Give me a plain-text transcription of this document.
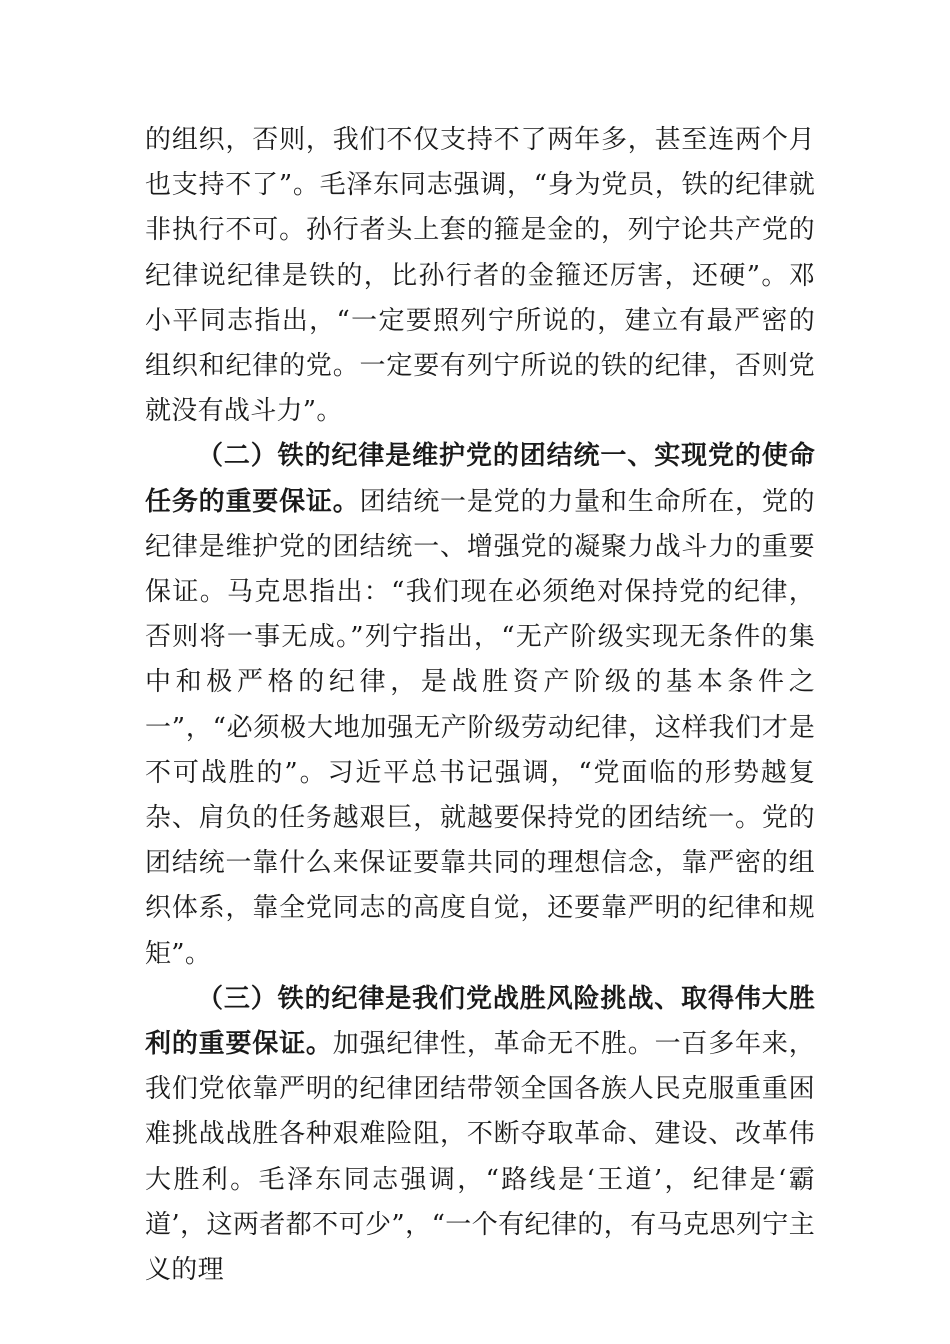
的组织，否则，我们不仅支持不了两年多，甚至连两个月也支持不了”。毛泽东同志强调，“身为党员，铁的纪律就非执行不可。孙行者头上套的箍是金的，列宁论共产党的纪律说纪律是铁的，比孙行者的金箍还厉害，还硬”。邓小平同志指出，“一定要照列宁所说的，建立有最严密的组织和纪律的党。一定要有列宁所说的铁的纪律，否则党就没有战斗力”。

（二）铁的纪律是维护党的团结统一、实现党的使命任务的重要保证。团结统一是党的力量和生命所在，党的纪律是维护党的团结统一、增强党的凝聚力战斗力的重要保证。马克思指出：“我们现在必须绝对保持党的纪律，否则将一事无成。”列宁指出，“无产阶级实现无条件的集中和极严格的纪律，是战胜资产阶级的基本条件之一”，“必须极大地加强无产阶级劳动纪律，这样我们才是不可战胜的”。习近平总书记强调，“党面临的形势越复杂、肩负的任务越艰巨，就越要保持党的团结统一。党的团结统一靠什么来保证要靠共同的理想信念，靠严密的组织体系，靠全党同志的高度自觉，还要靠严明的纪律和规矩”。

（三）铁的纪律是我们党战胜风险挑战、取得伟大胜利的重要保证。加强纪律性，革命无不胜。一百多年来，我们党依靠严明的纪律团结带领全国各族人民克服重重困难挑战战胜各种艰难险阻，不断夺取革命、建设、改革伟大胜利。毛泽东同志强调，“路线是‘王道’，纪律是‘霸道’，这两者都不可少”，“一个有纪律的，有马克思列宁主义的理
